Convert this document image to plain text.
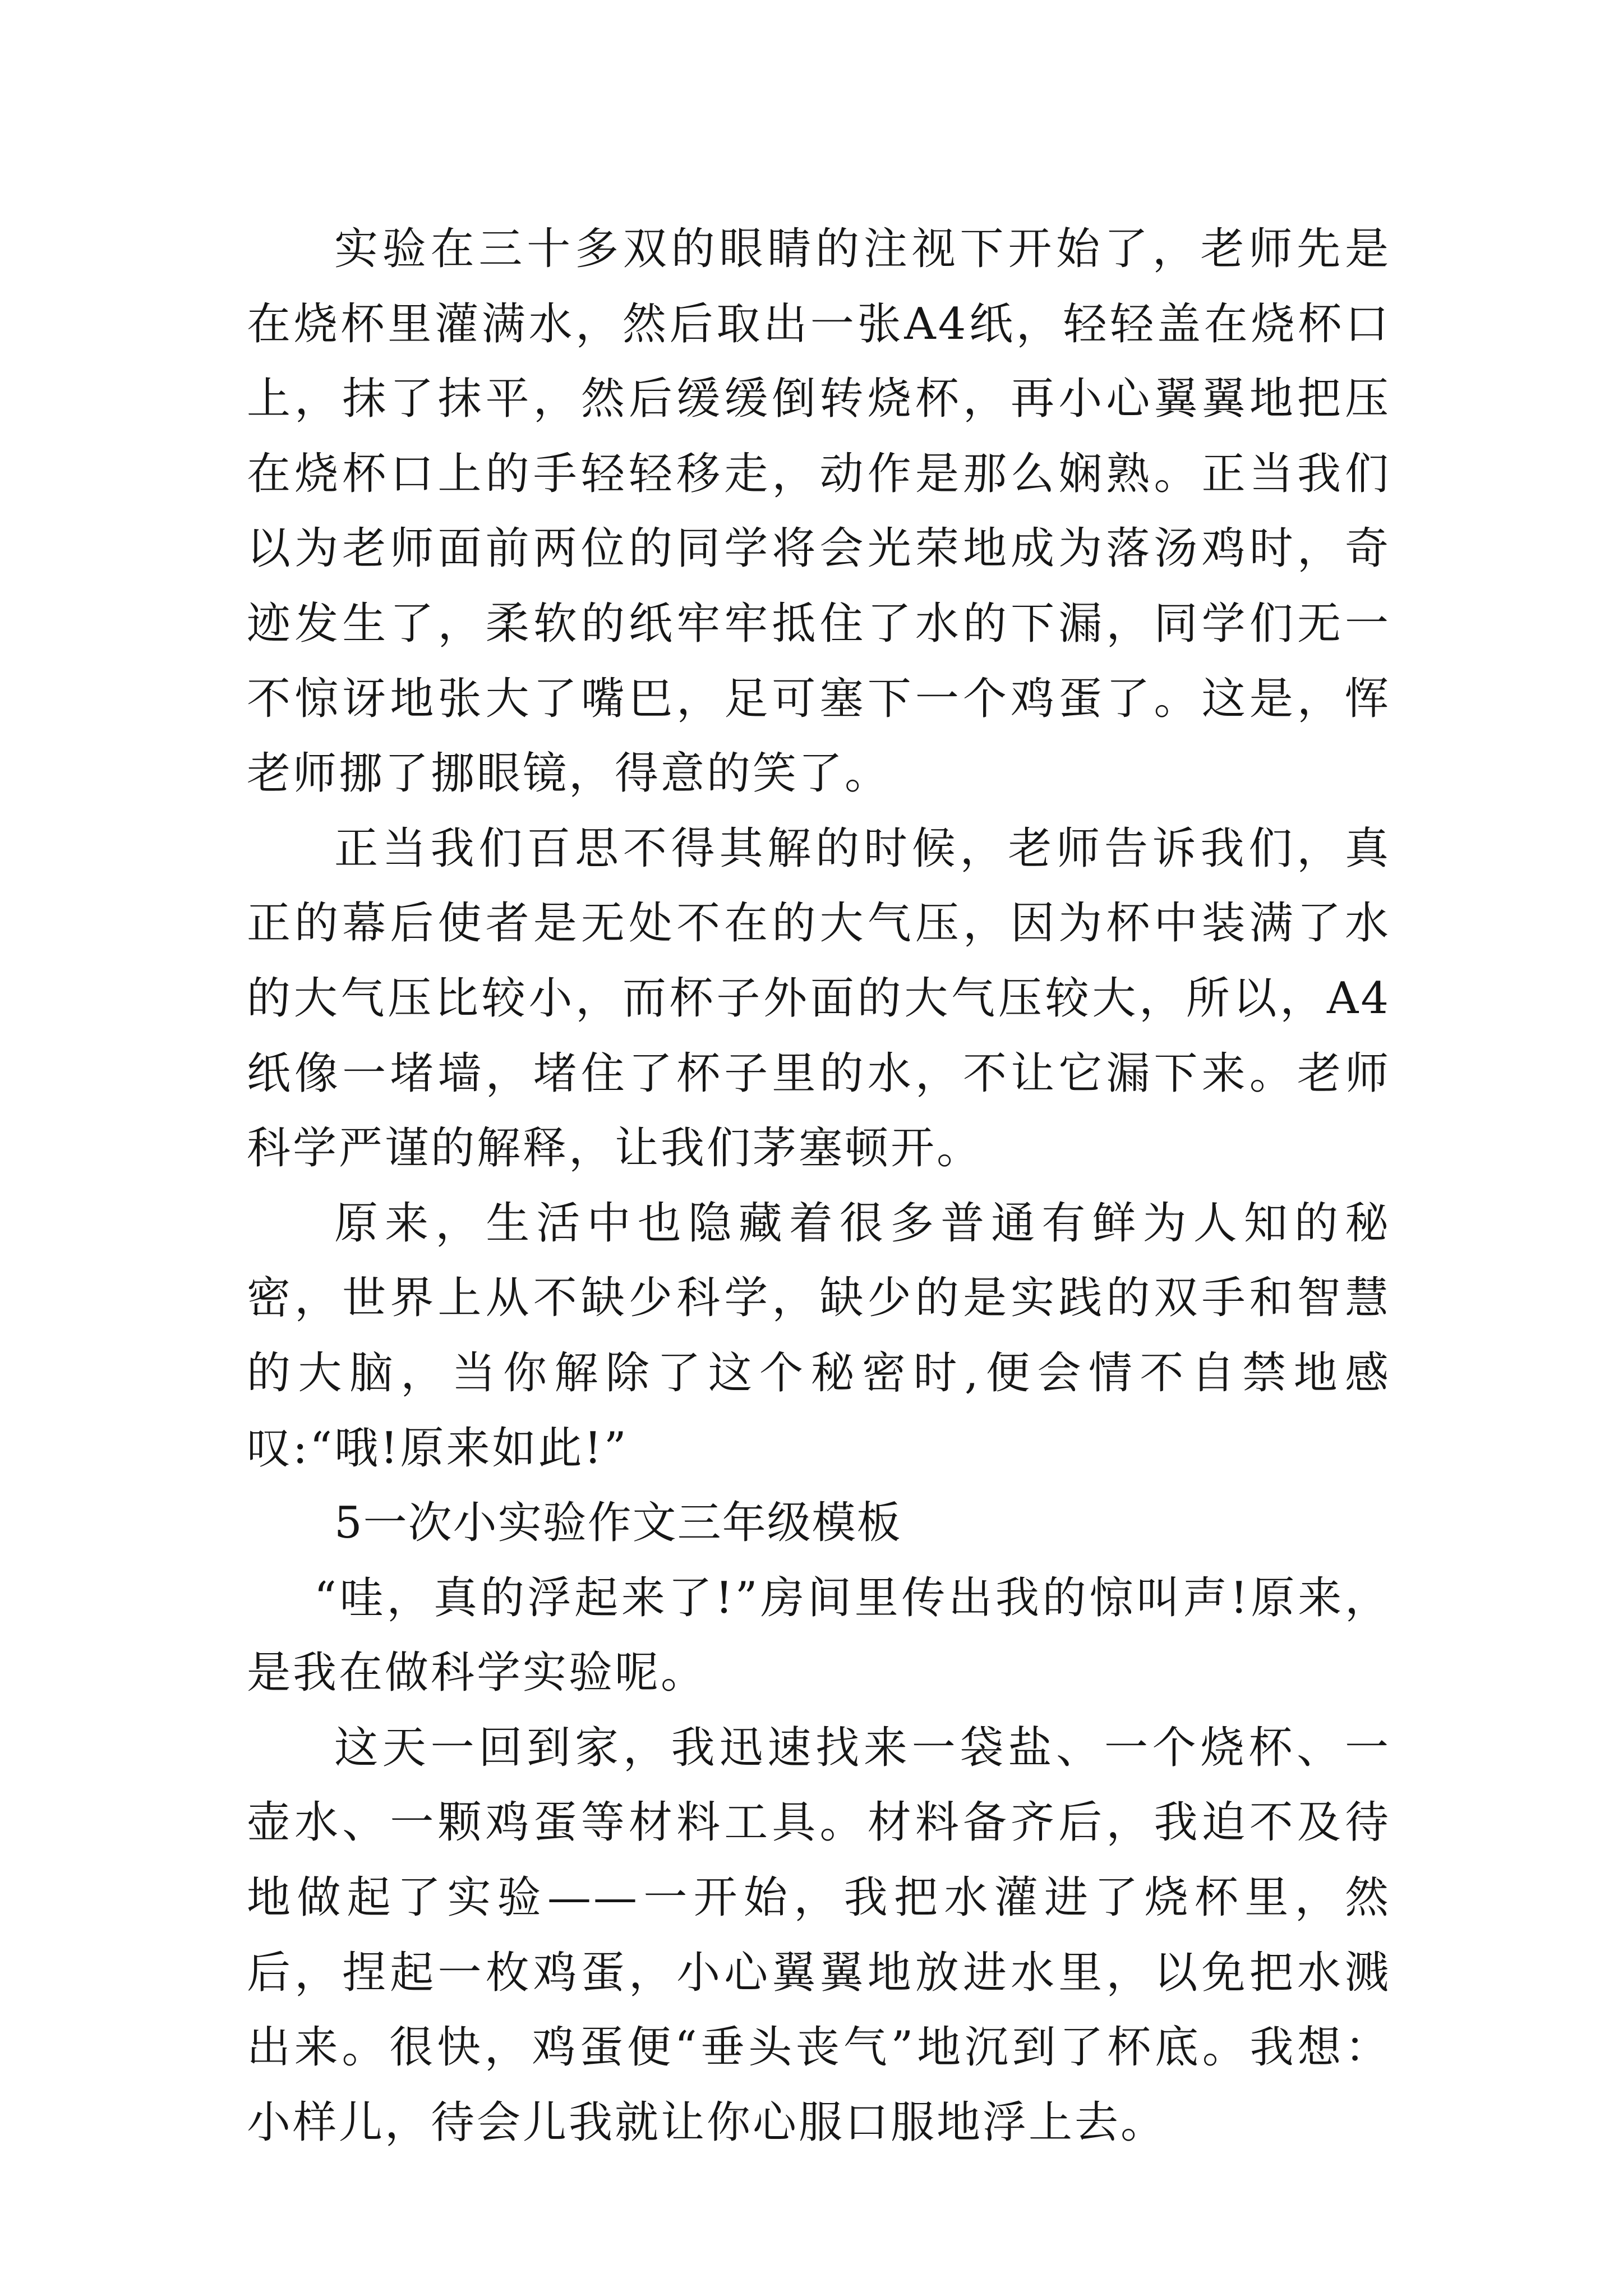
实验在三十多双的眼睛的注视下开始了，老师先是在烧杯里灌满水，然后取出一张A4纸，轻轻盖在烧杯口上，抹了抹平，然后缓缓倒转烧杯，再小心翼翼地把压在烧杯口上的手轻轻移走，动作是那么娴熟。正当我们以为老师面前两位的同学将会光荣地成为落汤鸡时，奇迹发生了，柔软的纸牢牢抵住了水的下漏，同学们无一不惊讶地张大了嘴巴，足可塞下一个鸡蛋了。这是，恽老师挪了挪眼镜，得意的笑了。

正当我们百思不得其解的时候，老师告诉我们，真正的幕后使者是无处不在的大气压，因为杯中装满了水的大气压比较小，而杯子外面的大气压较大，所以，A4纸像一堵墙，堵住了杯子里的水，不让它漏下来。老师科学严谨的解释，让我们茅塞顿开。

原来，生活中也隐藏着很多普通有鲜为人知的秘密，世界上从不缺少科学，缺少的是实践的双手和智慧的大脑，当你解除了这个秘密时,便会情不自禁地感叹:“哦!原来如此!”

5一次小实验作文三年级模板

“哇，真的浮起来了!”房间里传出我的惊叫声!原来，是我在做科学实验呢。

这天一回到家，我迅速找来一袋盐、一个烧杯、一壶水、一颗鸡蛋等材料工具。材料备齐后，我迫不及待地做起了实验——一开始，我把水灌进了烧杯里，然后，捏起一枚鸡蛋，小心翼翼地放进水里，以免把水溅出来。很快，鸡蛋便“垂头丧气”地沉到了杯底。我想：小样儿，待会儿我就让你心服口服地浮上去。
